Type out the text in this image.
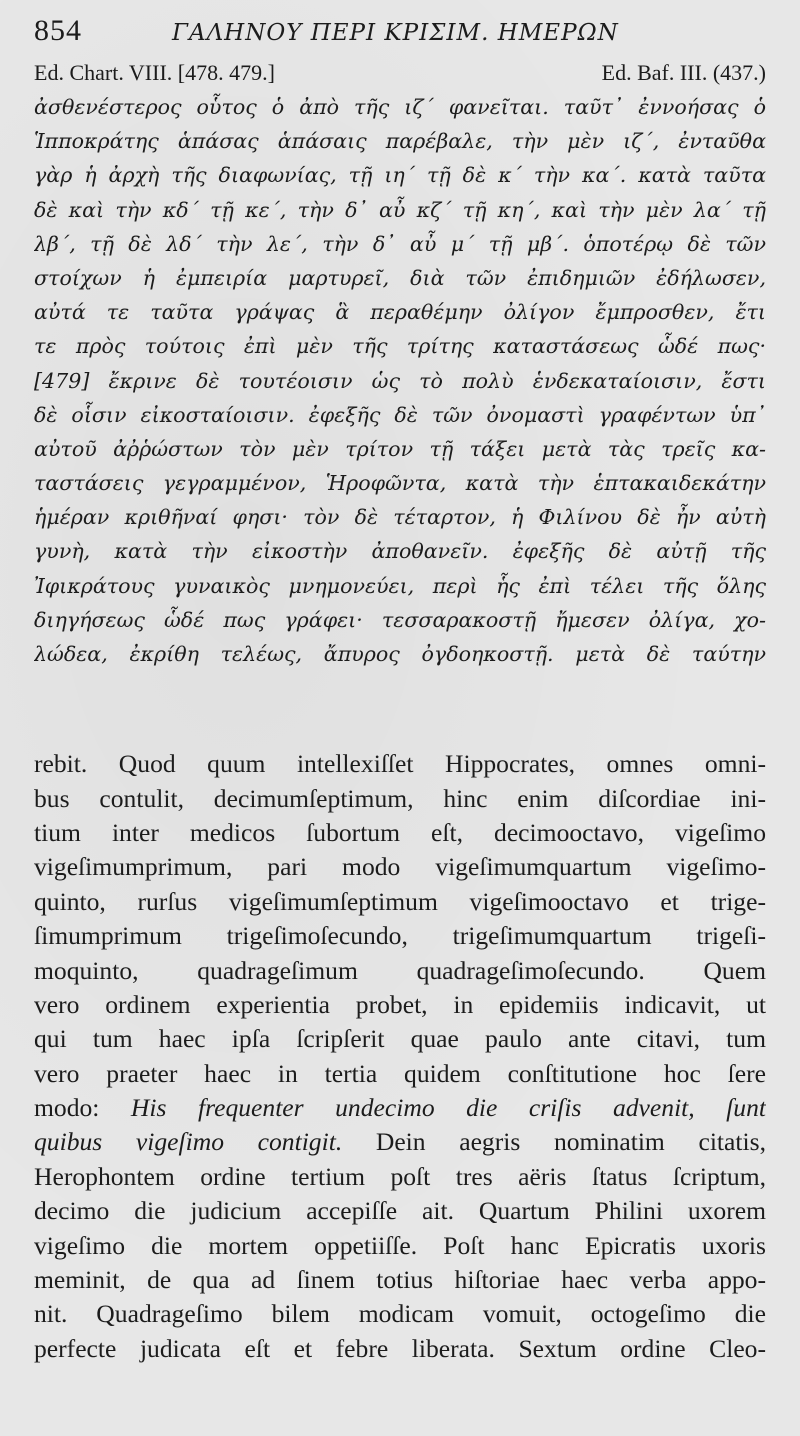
854	ΓΑΛΗΝΟΥ ΠΕΡΙ ΚΡΙΣΙΜ. ΗΜΕΡΩΝ
Ed. Chart. VIII. [478. 479.]	Ed. Baf. III. (437.)
ἀσθενέστερος οὗτος ὁ ἀπὸ τῆς ιζ΄ φανεῖται. ταῦτ᾽ ἐννοήσας ὁ
Ἱπποκράτης ἁπάσας ἁπάσαις παρέβαλε, τὴν μὲν ιζ΄, ἐνταῦθα
γὰρ ἡ ἀρχὴ τῆς διαφωνίας, τῇ ιη΄ τῇ δὲ κ΄ τὴν κα΄. κατὰ ταῦτα
δὲ καὶ τὴν κδ΄ τῇ κε΄, τὴν δ᾽ αὖ κζ΄ τῇ κη΄, καὶ τὴν μὲν λα΄ τῇ
λβ΄, τῇ δὲ λδ΄ τὴν λε΄, τὴν δ᾽ αὖ μ΄ τῇ μβ΄. ὁποτέρῳ δὲ τῶν
στοίχων ἡ ἐμπειρία μαρτυρεῖ, διὰ τῶν ἐπιδημιῶν ἐδήλωσεν,
αὐτά τε ταῦτα γράψας ἃ περαθέμην ὀλίγον ἔμπροσθεν, ἔτι
τε πρὸς τούτοις ἐπὶ μὲν τῆς τρίτης καταστάσεως ὧδέ πως·
[479] ἔκρινε δὲ τουτέοισιν ὡς τὸ πολὺ ἑνδεκαταίοισιν, ἔστι
δὲ οἷσιν εἰκοσταίοισιν. ἐφεξῆς δὲ τῶν ὀνομαστὶ γραφέντων ὑπ᾽
αὐτοῦ ἀῤῥώστων τὸν μὲν τρίτον τῇ τάξει μετὰ τὰς τρεῖς κα-
ταστάσεις γεγραμμένον, Ἡροφῶντα, κατὰ τὴν ἑπτακαιδεκάτην
ἡμέραν κριθῆναί φησι· τὸν δὲ τέταρτον, ἡ Φιλίνου δὲ ἦν αὐτὴ
γυνὴ, κατὰ τὴν εἰκοστὴν ἀποθανεῖν. ἐφεξῆς δὲ αὐτῇ τῆς
Ἰφικράτους γυναικὸς μνημονεύει, περὶ ἧς ἐπὶ τέλει τῆς ὅλης
διηγήσεως ὧδέ πως γράφει· τεσσαρακοστῇ ἤμεσεν ὀλίγα, χο-
λώδεα, ἐκρίθη τελέως, ἄπυρος ὀγδοηκοστῇ. μετὰ δὲ ταύτην
rebit. Quod quum intellexiſſet Hippocrates, omnes omni-
bus contulit, decimumſeptimum, hinc enim diſcordiae ini-
tium inter medicos ſubortum eſt, decimooctavo, vigeſimo
vigeſimumprimum, pari modo vigeſimumquartum vigeſimo-
quinto, rurſus vigeſimumſeptimum vigeſimooctavo et trige-
ſimumprimum trigeſimoſecundo, trigeſimumquartum trigeſi-
moquinto, quadrageſimum quadrageſimoſecundo. Quem
vero ordinem experientia probet, in epidemiis indicavit, ut
qui tum haec ipſa ſcripſerit quae paulo ante citavi, tum
vero praeter haec in tertia quidem conſtitutione hoc ſere
modo: His frequenter undecimo die criſis advenit, ſunt
quibus vigeſimo contigit. Dein aegris nominatim citatis,
Herophontem ordine tertium poſt tres aëris ſtatus ſcriptum,
decimo die judicium accepiſſe ait. Quartum Philini uxorem
vigeſimo die mortem oppetiiſſe. Poſt hanc Epicratis uxoris
meminit, de qua ad ſinem totius hiſtoriae haec verba appo-
nit. Quadrageſimo bilem modicam vomuit, octogeſimo die
perfecte judicata eſt et febre liberata. Sextum ordine Cleo-
